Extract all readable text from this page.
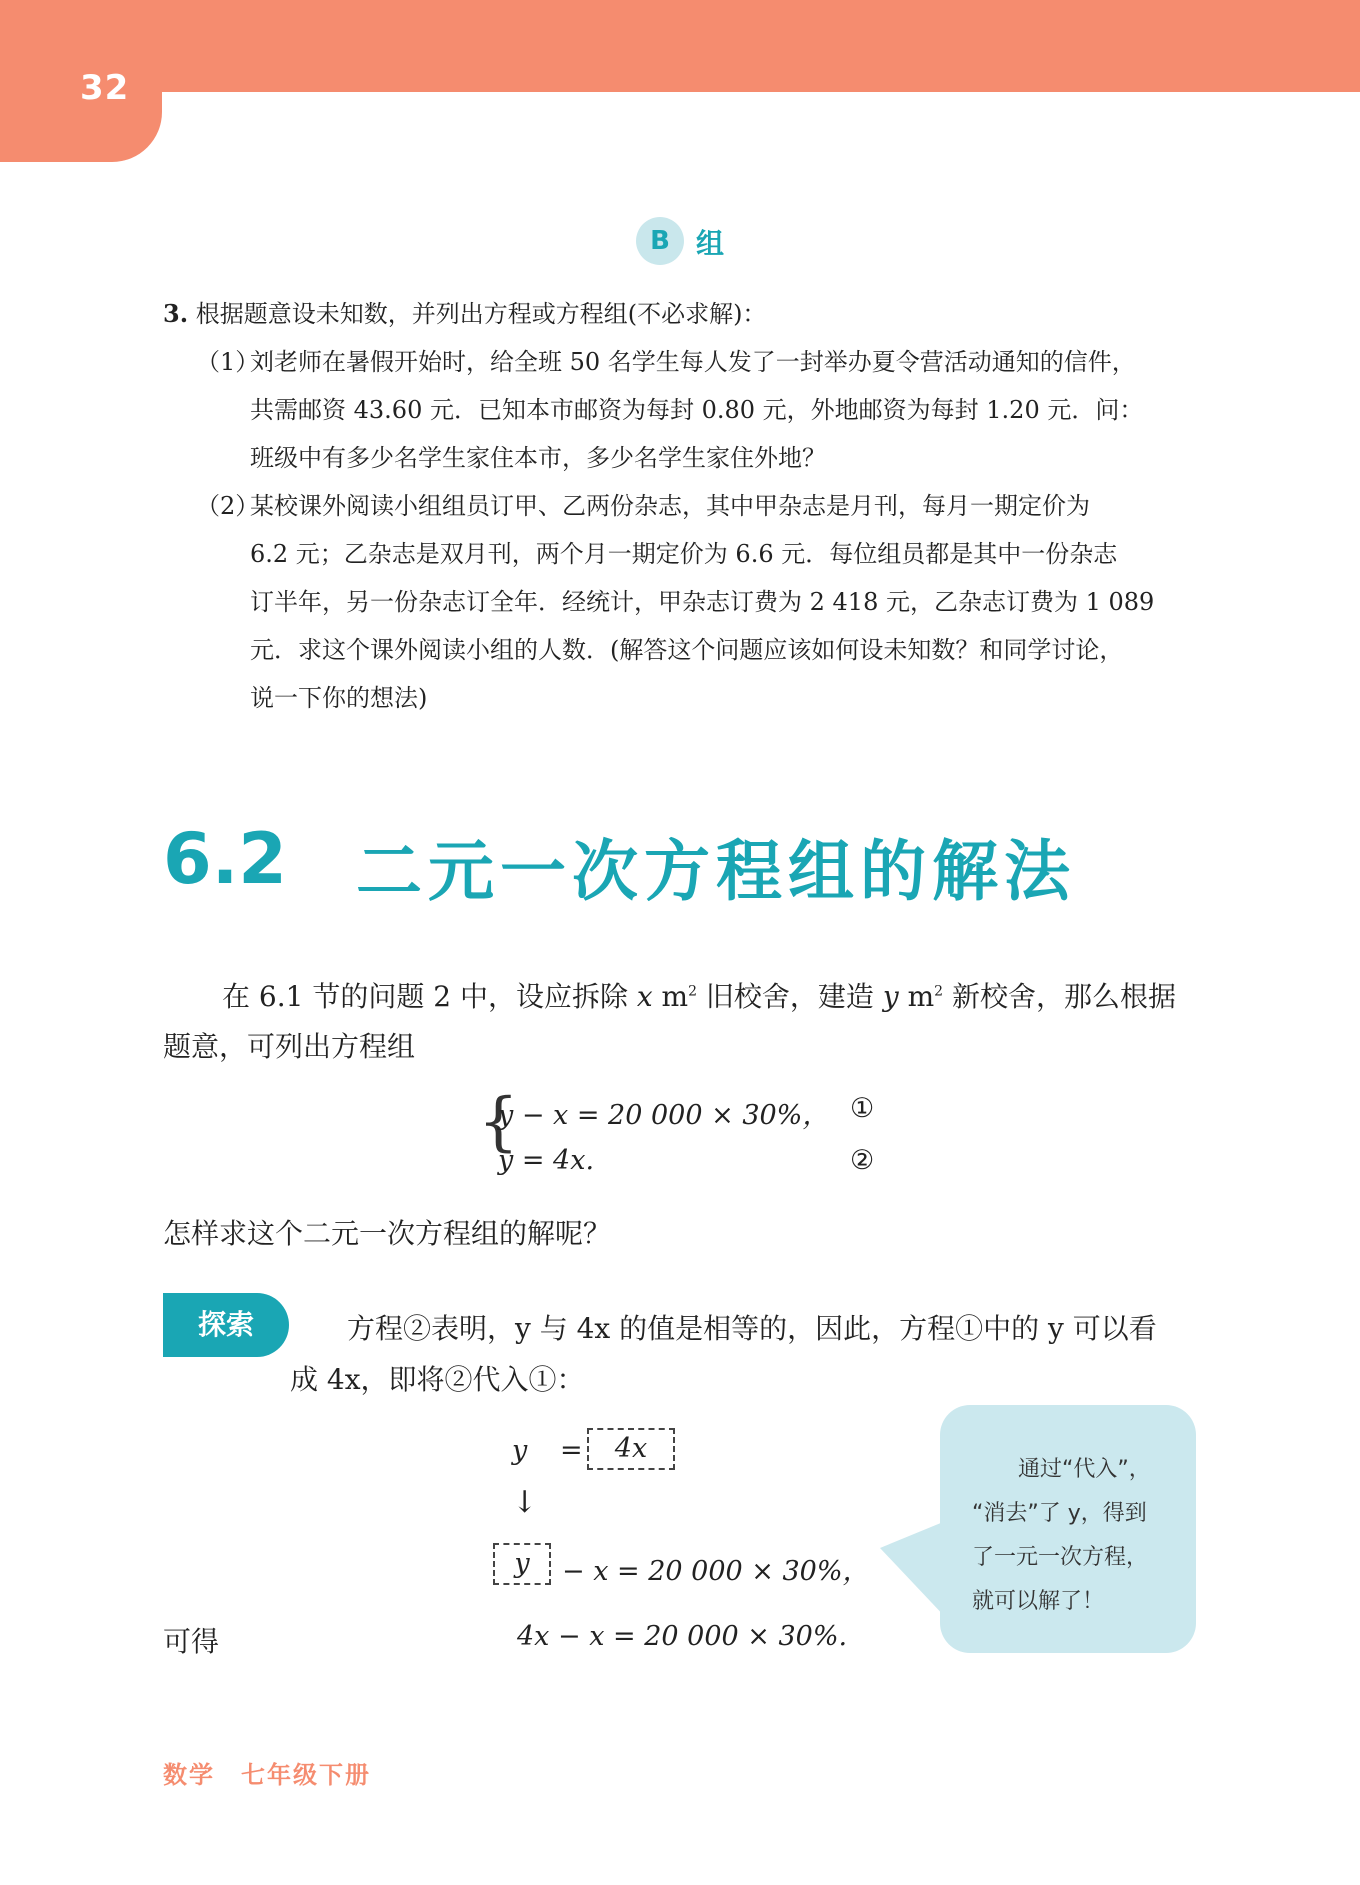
32
B 组
3. 根据题意设未知数，并列出方程或方程组(不必求解)：
（1）
刘老师在暑假开始时，给全班 50 名学生每人发了一封举办夏令营活动通知的信件，
共需邮资 43.60 元．已知本市邮资为每封 0.80 元，外地邮资为每封 1.20 元．问：
班级中有多少名学生家住本市，多少名学生家住外地？
（2）
某校课外阅读小组组员订甲、乙两份杂志，其中甲杂志是月刊，每月一期定价为
6.2 元；乙杂志是双月刊，两个月一期定价为 6.6 元．每位组员都是其中一份杂志
订半年，另一份杂志订全年．经统计，甲杂志订费为 2 418 元，乙杂志订费为 1 089
元．求这个课外阅读小组的人数．(解答这个问题应该如何设未知数？和同学讨论，
说一下你的想法)
6.2 二元一次方程组的解法
在 6.1 节的问题 2 中，设应拆除 x $m^2$ 旧校舍，建造 y $m^2$ 新校舍，那么根据
题意，可列出方程组
{
y − x = 20 000 × 30%， ①
y = 4x.	②
怎样求这个二元一次方程组的解呢？
探索	方程②表明，y 与 4x 的值是相等的，因此，方程①中的 y 可以看
成 4x，即将②代入①：
y =	4x
↓
y	− x = 20 000 × 30%，
可得	4x − x = 20 000 × 30%.
通过“代入”，
“消去”了 y，得到
了一元一次方程，
就可以解了！
数学　七年级下册
